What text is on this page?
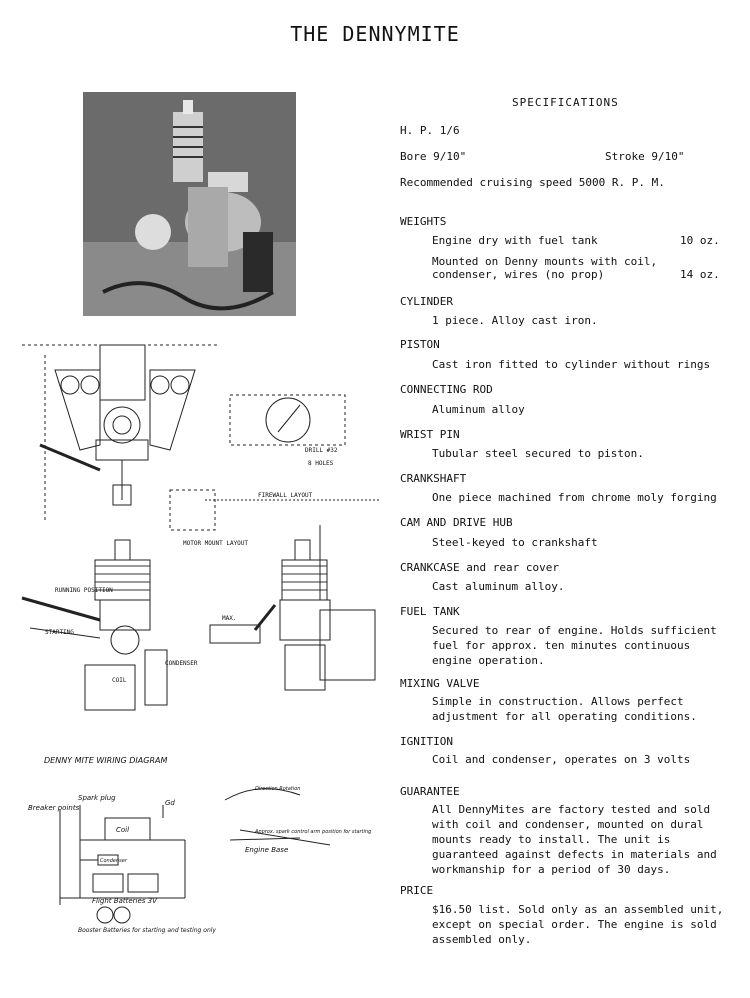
THE DENNYMITE
FIREWALL LAYOUT
MOTOR MOUNT LAYOUT
DRILL #32
8 HOLES
RUNNING POSITION
STARTING
CONDENSER
COIL
MAX.
DENNY MITE WIRING DIAGRAM
Breaker points
Spark plug
Gd
Coil
Condenser
Flight Batteries 3V
Booster Batteries for starting and testing only
Direction Rotation
Engine Base
Approx. spark control arm position for starting
SPECIFICATIONS
H. P. 1/6
Bore 9/10"	Stroke 9/10"
Recommended cruising speed 5000 R. P. M.
WEIGHTS
Engine dry with fuel tank	10 oz.
Mounted on Denny mounts with coil,
condenser, wires (no prop)	14 oz.
CYLINDER
1 piece. Alloy cast iron.
PISTON
Cast iron fitted to cylinder without rings
CONNECTING ROD
Aluminum alloy
WRIST PIN
Tubular steel secured to piston.
CRANKSHAFT
One piece machined from chrome moly forging
CAM AND DRIVE HUB
Steel-keyed to crankshaft
CRANKCASE and rear cover
Cast aluminum alloy.
FUEL TANK
Secured to rear of engine. Holds sufficient fuel for approx. ten minutes continuous engine operation.
MIXING VALVE
Simple in construction. Allows perfect adjustment for all operating conditions.
IGNITION
Coil and condenser, operates on 3 volts
GUARANTEE
All DennyMites are factory tested and sold with coil and condenser, mounted on dural mounts ready to install. The unit is guaranteed against defects in materials and workmanship for a period of 30 days.
PRICE
$16.50 list. Sold only as an assembled unit, except on special order. The engine is sold assembled only.
